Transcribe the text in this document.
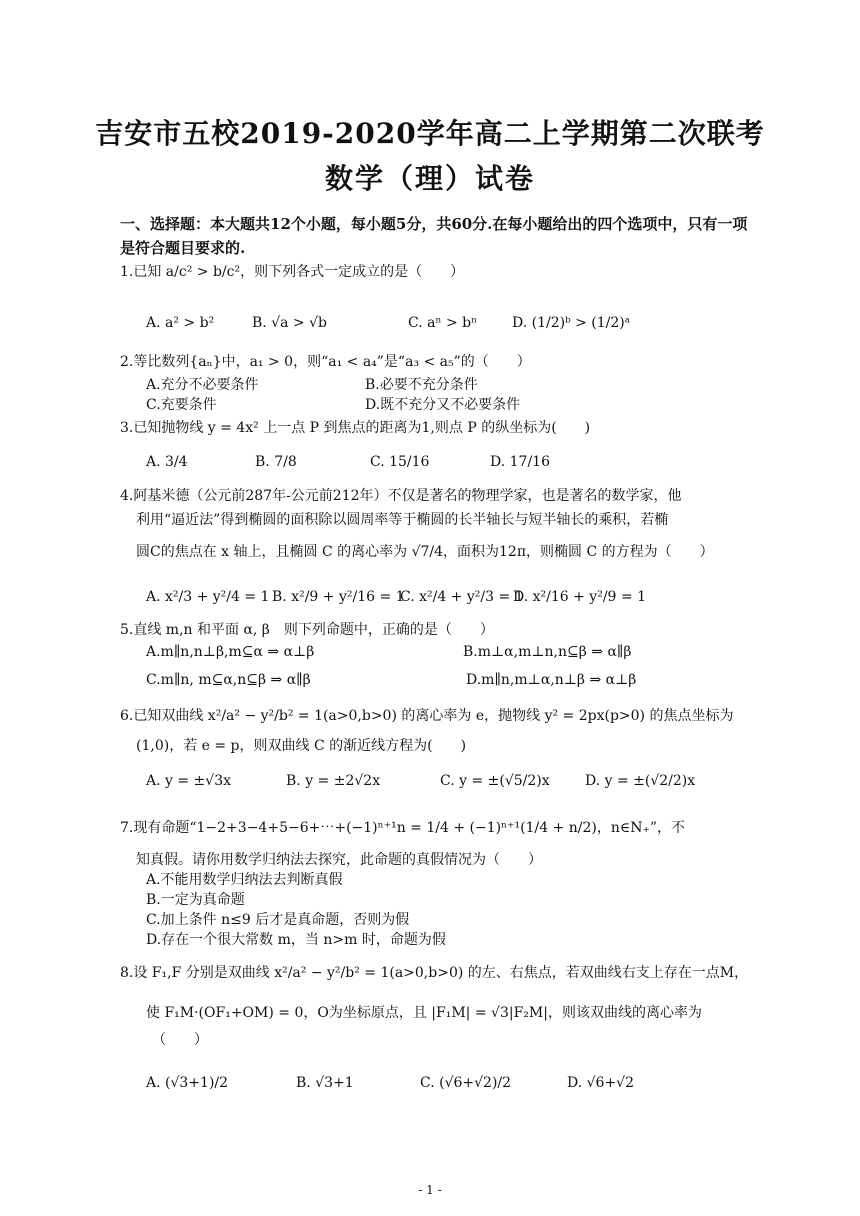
吉安市五校2019-2020学年高二上学期第二次联考
数学（理）试卷
一、选择题：本大题共12个小题，每小题5分，共60分.在每小题给出的四个选项中，只有一项是符合题目要求的.
1.已知 a/c² > b/c²，则下列各式一定成立的是（　　）
A. a² > b²	B. √a > √b	C. aⁿ > bⁿ D. (1/2)ᵇ > (1/2)ᵃ
2.等比数列{aₙ}中，a₁ > 0，则“a₁ < a₄”是“a₃ < a₅”的（　　）
A.充分不必要条件	B.必要不充分条件
C.充要条件	D.既不充分又不必要条件
3.已知抛物线 y = 4x² 上一点 P 到焦点的距离为1,则点 P 的纵坐标为(　　)
A. 3/4	B. 7/8	C. 15/16	D. 17/16
4.阿基米德（公元前287年-公元前212年）不仅是著名的物理学家，也是著名的数学家，他
利用“逼近法”得到椭圆的面积除以圆周率等于椭圆的长半轴长与短半轴长的乘积，若椭
圆C的焦点在 x 轴上，且椭圆 C 的离心率为 √7/4，面积为12π，则椭圆 C 的方程为（　　）
A. x²/3 + y²/4 = 1 B. x²/9 + y²/16 = 1
C. x²/4 + y²/3 = 1
D. x²/16 + y²/9 = 1
5.直线 m,n 和平面 α, β　则下列命题中，正确的是（　　）
A.m∥n,n⊥β,m⊆α ⇒ α⊥β	B.m⊥α,m⊥n,n⊆β ⇒ α∥β
C.m∥n, m⊆α,n⊆β ⇒ α∥β	D.m∥n,m⊥α,n⊥β ⇒ α⊥β
6.已知双曲线 x²/a² − y²/b² = 1(a>0,b>0) 的离心率为 e，抛物线 y² = 2px(p>0) 的焦点坐标为
(1,0)，若 e = p，则双曲线 C 的渐近线方程为(　　)
A. y = ±√3x	B. y = ±2√2x	C. y = ±(√5/2)x	D. y = ±(√2/2)x
7.现有命题“1−2+3−4+5−6+⋯+(−1)ⁿ⁺¹n = 1/4 + (−1)ⁿ⁺¹(1/4 + n/2)，n∈N₊”，不
知真假。请你用数学归纳法去探究，此命题的真假情况为（　　）
A.不能用数学归纳法去判断真假
B.一定为真命题
C.加上条件 n≤9 后才是真命题，否则为假
D.存在一个很大常数 m，当 n>m 时，命题为假
8.设 F₁,F 分别是双曲线 x²/a² − y²/b² = 1(a>0,b>0) 的左、右焦点，若双曲线右支上存在一点M，
使 F₁M·(OF₁+OM) = 0，O为坐标原点，且 |F₁M| = √3|F₂M|，则该双曲线的离心率为
（　　）
A. (√3+1)/2	B. √3+1	C. (√6+√2)/2	D. √6+√2
- 1 -
